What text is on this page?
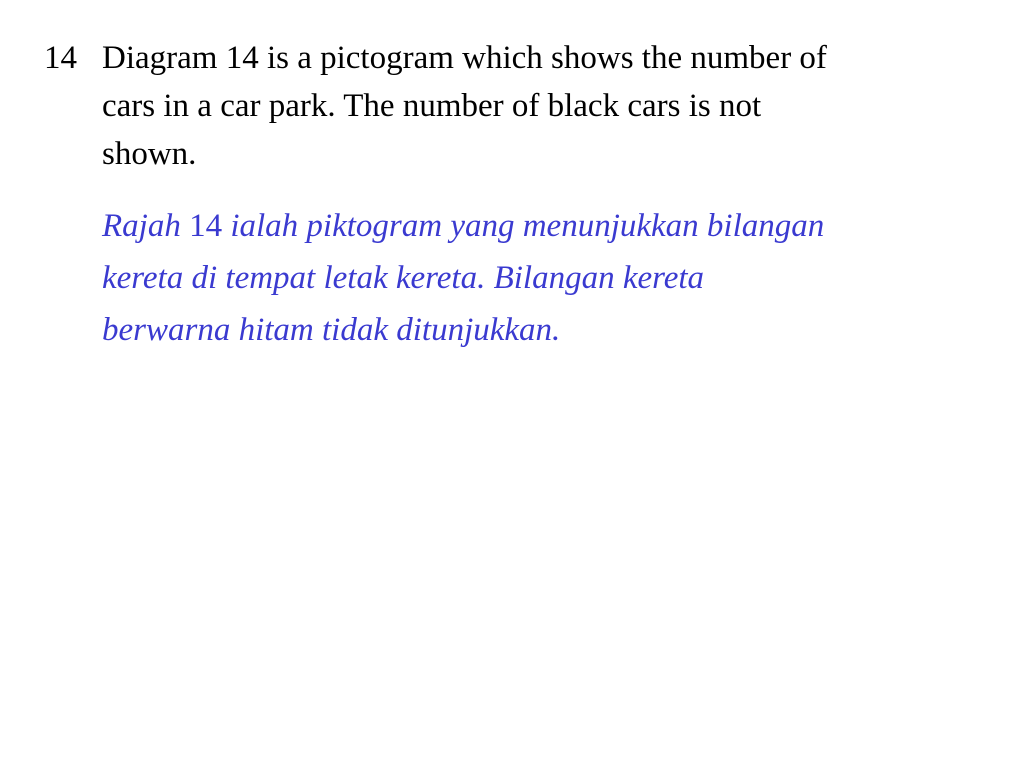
14 Diagram 14 is a pictogram which shows the number of
cars in a car park. The number of black cars is not
shown.
Rajah 14 ialah piktogram yang menunjukkan bilangan
kereta di tempat letak kereta. Bilangan kereta
berwarna hitam tidak ditunjukkan.
